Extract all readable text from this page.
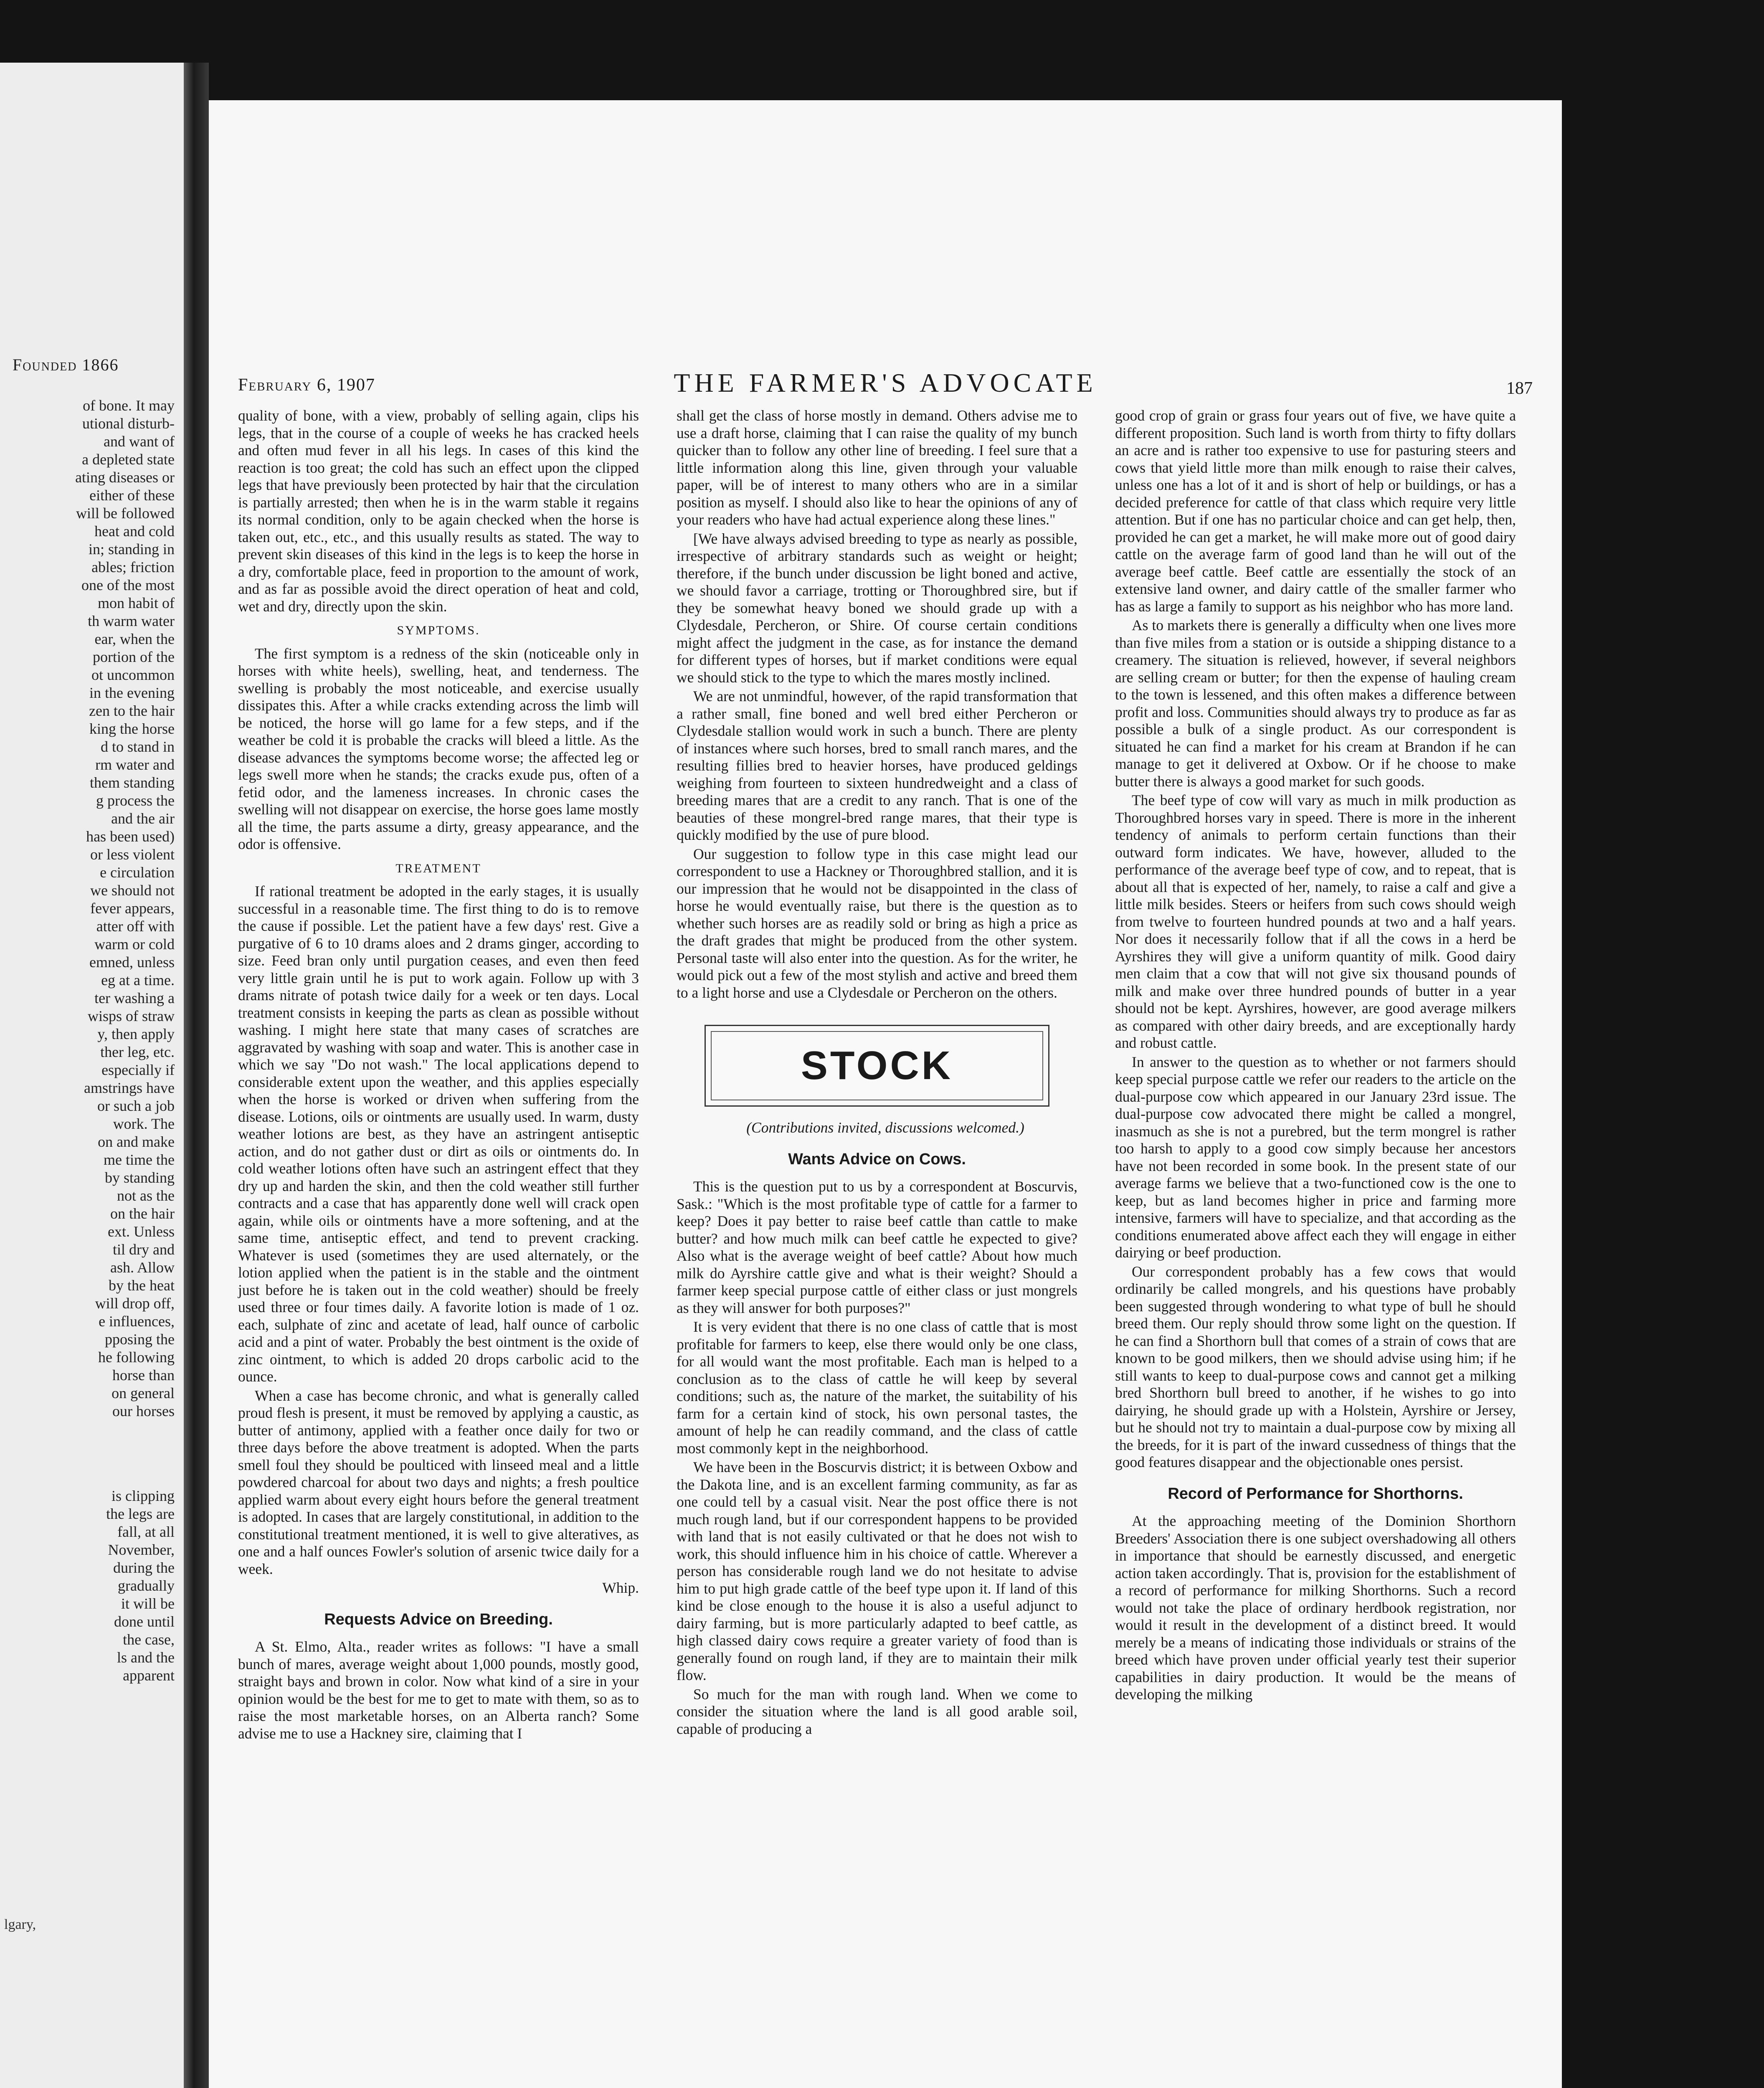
Founded 1866
of bone. It may
utional disturb-
and want of
a depleted state
ating diseases or
either of these
will be followed
heat and cold
in; standing in
ables; friction
one of the most
mon habit of
th warm water
ear, when the
portion of the
ot uncommon
in the evening
zen to the hair
king the horse
d to stand in
rm water and
them standing
g process the
and the air
has been used)
or less violent
e circulation
we should not
fever appears,
atter off with
warm or cold
emned, unless
eg at a time.
ter washing a
wisps of straw
y, then apply
ther leg, etc.
especially if
amstrings have
or such a job
work. The
on and make
me time the
by standing
not as the
on the hair
ext. Unless
til dry and
ash. Allow
by the heat
will drop off,
e influences,
pposing the
he following
horse than
on general
our horses
is clipping
the legs are
fall, at all
November,
during the
gradually
it will be
done until
the case,
ls and the
apparent
lgary,
February 6, 1907	THE FARMER'S ADVOCATE	187

quality of bone, with a view, probably of selling again, clips his legs, that in the course of a couple of weeks he has cracked heels and often mud fever in all his legs. In cases of this kind the reaction is too great; the cold has such an effect upon the clipped legs that have previously been protected by hair that the circulation is partially arrested; then when he is in the warm stable it regains its normal condition, only to be again checked when the horse is taken out, etc., etc., and this usually results as stated. The way to prevent skin diseases of this kind in the legs is to keep the horse in a dry, comfortable place, feed in proportion to the amount of work, and as far as possible avoid the direct operation of heat and cold, wet and dry, directly upon the skin.

SYMPTOMS.

The first symptom is a redness of the skin (noticeable only in horses with white heels), swelling, heat, and tenderness. The swelling is probably the most noticeable, and exercise usually dissipates this. After a while cracks extending across the limb will be noticed, the horse will go lame for a few steps, and if the weather be cold it is probable the cracks will bleed a little. As the disease advances the symptoms become worse; the affected leg or legs swell more when he stands; the cracks exude pus, often of a fetid odor, and the lameness increases. In chronic cases the swelling will not disappear on exercise, the horse goes lame mostly all the time, the parts assume a dirty, greasy appearance, and the odor is offensive.

TREATMENT

If rational treatment be adopted in the early stages, it is usually successful in a reasonable time. The first thing to do is to remove the cause if possible. Let the patient have a few days' rest. Give a purgative of 6 to 10 drams aloes and 2 drams ginger, according to size. Feed bran only until purgation ceases, and even then feed very little grain until he is put to work again. Follow up with 3 drams nitrate of potash twice daily for a week or ten days. Local treatment consists in keeping the parts as clean as possible without washing. I might here state that many cases of scratches are aggravated by washing with soap and water. This is another case in which we say "Do not wash." The local applications depend to considerable extent upon the weather, and this applies especially when the horse is worked or driven when suffering from the disease. Lotions, oils or ointments are usually used. In warm, dusty weather lotions are best, as they have an astringent antiseptic action, and do not gather dust or dirt as oils or ointments do. In cold weather lotions often have such an astringent effect that they dry up and harden the skin, and then the cold weather still further contracts and a case that has apparently done well will crack open again, while oils or ointments have a more softening, and at the same time, antiseptic effect, and tend to prevent cracking. Whatever is used (sometimes they are used alternately, or the lotion applied when the patient is in the stable and the ointment just before he is taken out in the cold weather) should be freely used three or four times daily. A favorite lotion is made of 1 oz. each, sulphate of zinc and acetate of lead, half ounce of carbolic acid and a pint of water. Probably the best ointment is the oxide of zinc ointment, to which is added 20 drops carbolic acid to the ounce.

When a case has become chronic, and what is generally called proud flesh is present, it must be removed by applying a caustic, as butter of antimony, applied with a feather once daily for two or three days before the above treatment is adopted. When the parts smell foul they should be poulticed with linseed meal and a little powdered charcoal for about two days and nights; a fresh poultice applied warm about every eight hours before the general treatment is adopted. In cases that are largely constitutional, in addition to the constitutional treatment mentioned, it is well to give alteratives, as one and a half ounces Fowler's solution of arsenic twice daily for a week.

Whip.

Requests Advice on Breeding.

A St. Elmo, Alta., reader writes as follows: "I have a small bunch of mares, average weight about 1,000 pounds, mostly good, straight bays and brown in color. Now what kind of a sire in your opinion would be the best for me to get to mate with them, so as to raise the most marketable horses, on an Alberta ranch? Some advise me to use a Hackney sire, claiming that I

shall get the class of horse mostly in demand. Others advise me to use a draft horse, claiming that I can raise the quality of my bunch quicker than to follow any other line of breeding. I feel sure that a little information along this line, given through your valuable paper, will be of interest to many others who are in a similar position as myself. I should also like to hear the opinions of any of your readers who have had actual experience along these lines."

[We have always advised breeding to type as nearly as possible, irrespective of arbitrary standards such as weight or height; therefore, if the bunch under discussion be light boned and active, we should favor a carriage, trotting or Thoroughbred sire, but if they be somewhat heavy boned we should grade up with a Clydesdale, Percheron, or Shire. Of course certain conditions might affect the judgment in the case, as for instance the demand for different types of horses, but if market conditions were equal we should stick to the type to which the mares mostly inclined.

We are not unmindful, however, of the rapid transformation that a rather small, fine boned and well bred either Percheron or Clydesdale stallion would work in such a bunch. There are plenty of instances where such horses, bred to small ranch mares, and the resulting fillies bred to heavier horses, have produced geldings weighing from fourteen to sixteen hundredweight and a class of breeding mares that are a credit to any ranch. That is one of the beauties of these mongrel-bred range mares, that their type is quickly modified by the use of pure blood.

Our suggestion to follow type in this case might lead our correspondent to use a Hackney or Thoroughbred stallion, and it is our impression that he would not be disappointed in the class of horse he would eventually raise, but there is the question as to whether such horses are as readily sold or bring as high a price as the draft grades that might be produced from the other system. Personal taste will also enter into the question. As for the writer, he would pick out a few of the most stylish and active and breed them to a light horse and use a Clydesdale or Percheron on the others.

STOCK

(Contributions invited, discussions welcomed.)

Wants Advice on Cows.

This is the question put to us by a correspondent at Boscurvis, Sask.: "Which is the most profitable type of cattle for a farmer to keep? Does it pay better to raise beef cattle than cattle to make butter? and how much milk can beef cattle he expected to give? Also what is the average weight of beef cattle? About how much milk do Ayrshire cattle give and what is their weight? Should a farmer keep special purpose cattle of either class or just mongrels as they will answer for both purposes?"

It is very evident that there is no one class of cattle that is most profitable for farmers to keep, else there would only be one class, for all would want the most profitable. Each man is helped to a conclusion as to the class of cattle he will keep by several conditions; such as, the nature of the market, the suitability of his farm for a certain kind of stock, his own personal tastes, the amount of help he can readily command, and the class of cattle most commonly kept in the neighborhood.

We have been in the Boscurvis district; it is between Oxbow and the Dakota line, and is an excellent farming community, as far as one could tell by a casual visit. Near the post office there is not much rough land, but if our correspondent happens to be provided with land that is not easily cultivated or that he does not wish to work, this should influence him in his choice of cattle. Wherever a person has considerable rough land we do not hesitate to advise him to put high grade cattle of the beef type upon it. If land of this kind be close enough to the house it is also a useful adjunct to dairy farming, but is more particularly adapted to beef cattle, as high classed dairy cows require a greater variety of food than is generally found on rough land, if they are to maintain their milk flow.

So much for the man with rough land. When we come to consider the situation where the land is all good arable soil, capable of producing a

good crop of grain or grass four years out of five, we have quite a different proposition. Such land is worth from thirty to fifty dollars an acre and is rather too expensive to use for pasturing steers and cows that yield little more than milk enough to raise their calves, unless one has a lot of it and is short of help or buildings, or has a decided preference for cattle of that class which require very little attention. But if one has no particular choice and can get help, then, provided he can get a market, he will make more out of good dairy cattle on the average farm of good land than he will out of the average beef cattle. Beef cattle are essentially the stock of an extensive land owner, and dairy cattle of the smaller farmer who has as large a family to support as his neighbor who has more land.

As to markets there is generally a difficulty when one lives more than five miles from a station or is outside a shipping distance to a creamery. The situation is relieved, however, if several neighbors are selling cream or butter; for then the expense of hauling cream to the town is lessened, and this often makes a difference between profit and loss. Communities should always try to produce as far as possible a bulk of a single product. As our correspondent is situated he can find a market for his cream at Brandon if he can manage to get it delivered at Oxbow. Or if he choose to make butter there is always a good market for such goods.

The beef type of cow will vary as much in milk production as Thoroughbred horses vary in speed. There is more in the inherent tendency of animals to perform certain functions than their outward form indicates. We have, however, alluded to the performance of the average beef type of cow, and to repeat, that is about all that is expected of her, namely, to raise a calf and give a little milk besides. Steers or heifers from such cows should weigh from twelve to fourteen hundred pounds at two and a half years. Nor does it necessarily follow that if all the cows in a herd be Ayrshires they will give a uniform quantity of milk. Good dairy men claim that a cow that will not give six thousand pounds of milk and make over three hundred pounds of butter in a year should not be kept. Ayrshires, however, are good average milkers as compared with other dairy breeds, and are exceptionally hardy and robust cattle.

In answer to the question as to whether or not farmers should keep special purpose cattle we refer our readers to the article on the dual-purpose cow which appeared in our January 23rd issue. The dual-purpose cow advocated there might be called a mongrel, inasmuch as she is not a purebred, but the term mongrel is rather too harsh to apply to a good cow simply because her ancestors have not been recorded in some book. In the present state of our average farms we believe that a two-functioned cow is the one to keep, but as land becomes higher in price and farming more intensive, farmers will have to specialize, and that according as the conditions enumerated above affect each they will engage in either dairying or beef production.

Our correspondent probably has a few cows that would ordinarily be called mongrels, and his questions have probably been suggested through wondering to what type of bull he should breed them. Our reply should throw some light on the question. If he can find a Shorthorn bull that comes of a strain of cows that are known to be good milkers, then we should advise using him; if he still wants to keep to dual-purpose cows and cannot get a milking bred Shorthorn bull breed to another, if he wishes to go into dairying, he should grade up with a Holstein, Ayrshire or Jersey, but he should not try to maintain a dual-purpose cow by mixing all the breeds, for it is part of the inward cussedness of things that the good features disappear and the objectionable ones persist.

Record of Performance for Shorthorns.

At the approaching meeting of the Dominion Shorthorn Breeders' Association there is one subject overshadowing all others in importance that should be earnestly discussed, and energetic action taken accordingly. That is, provision for the establishment of a record of performance for milking Shorthorns. Such a record would not take the place of ordinary herdbook registration, nor would it result in the development of a distinct breed. It would merely be a means of indicating those individuals or strains of the breed which have proven under official yearly test their superior capabilities in dairy production. It would be the means of developing the milking
